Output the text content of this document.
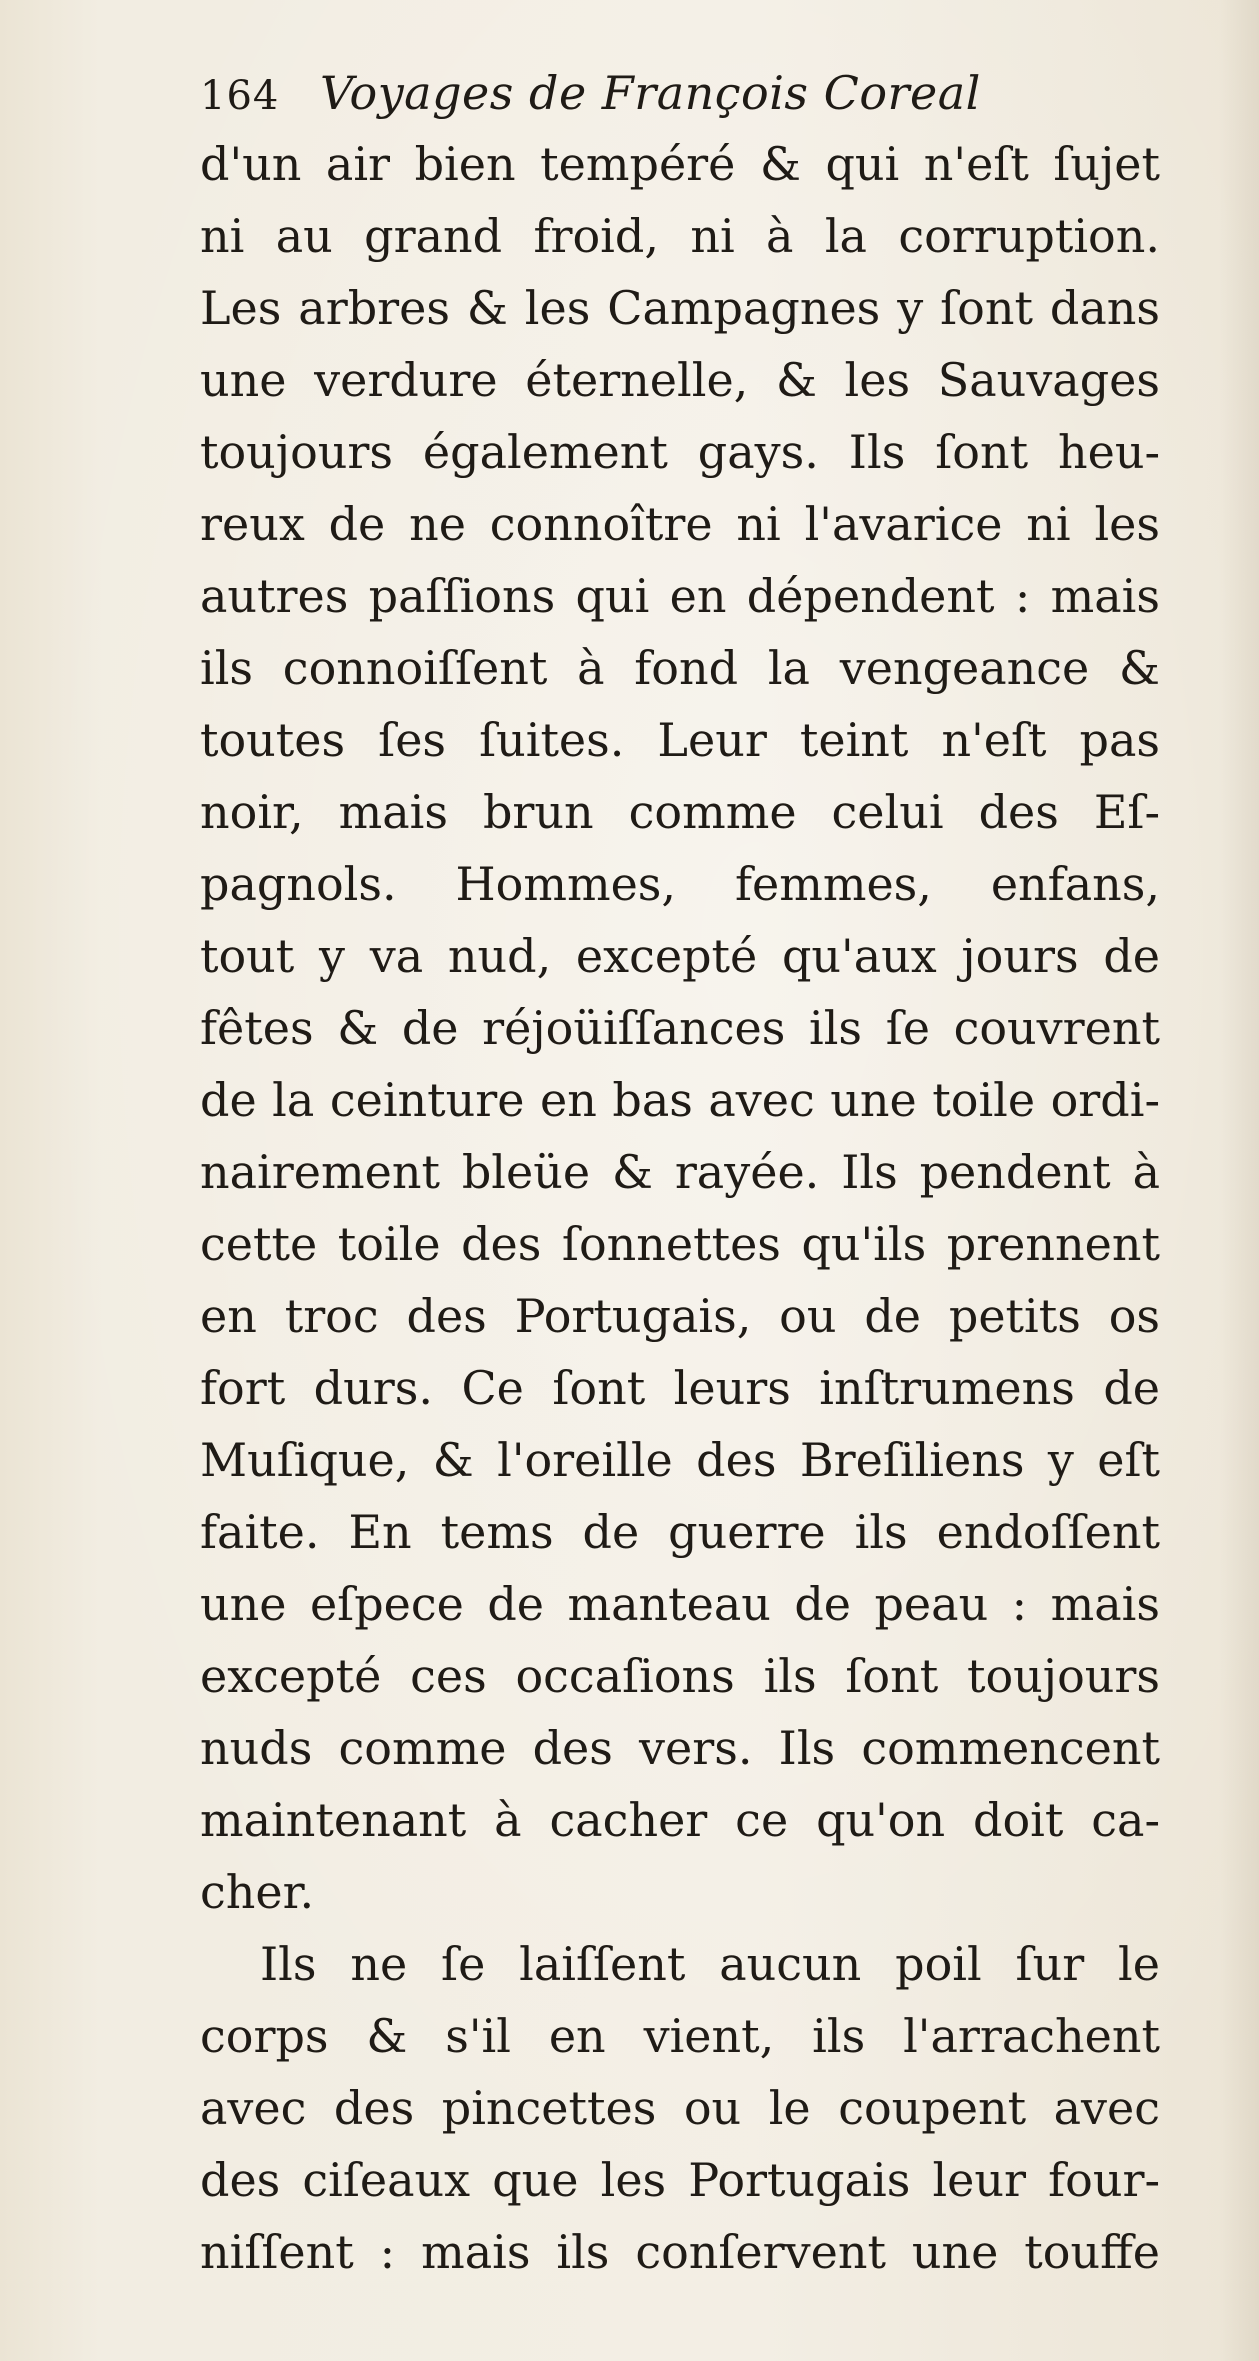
164 Voyages de François Coreal
d'un air bien tempéré & qui n'eſt ſujet
ni au grand froid, ni à la corruption.
Les arbres & les Campagnes y ſont dans
une verdure éternelle, & les Sauvages
toujours également gays. Ils ſont heu-
reux de ne connoître ni l'avarice ni les
autres paſſions qui en dépendent : mais
ils connoiſſent à fond la vengeance &
toutes ſes ſuites. Leur teint n'eſt pas
noir, mais brun comme celui des Eſ-
pagnols. Hommes, femmes, enfans,
tout y va nud, excepté qu'aux jours de
fêtes & de réjoüiſſances ils ſe couvrent
de la ceinture en bas avec une toile ordi-
nairement bleüe & rayée. Ils pendent à
cette toile des ſonnettes qu'ils prennent
en troc des Portugais, ou de petits os
fort durs. Ce ſont leurs inſtrumens de
Muſique, & l'oreille des Breſiliens y eſt
faite. En tems de guerre ils endoſſent
une eſpece de manteau de peau : mais
excepté ces occaſions ils ſont toujours
nuds comme des vers. Ils commencent
maintenant à cacher ce qu'on doit ca-
cher.
Ils ne ſe laiſſent aucun poil ſur le
corps & s'il en vient, ils l'arrachent
avec des pincettes ou le coupent avec
des ciſeaux que les Portugais leur four-
niſſent : mais ils conſervent une touffe
